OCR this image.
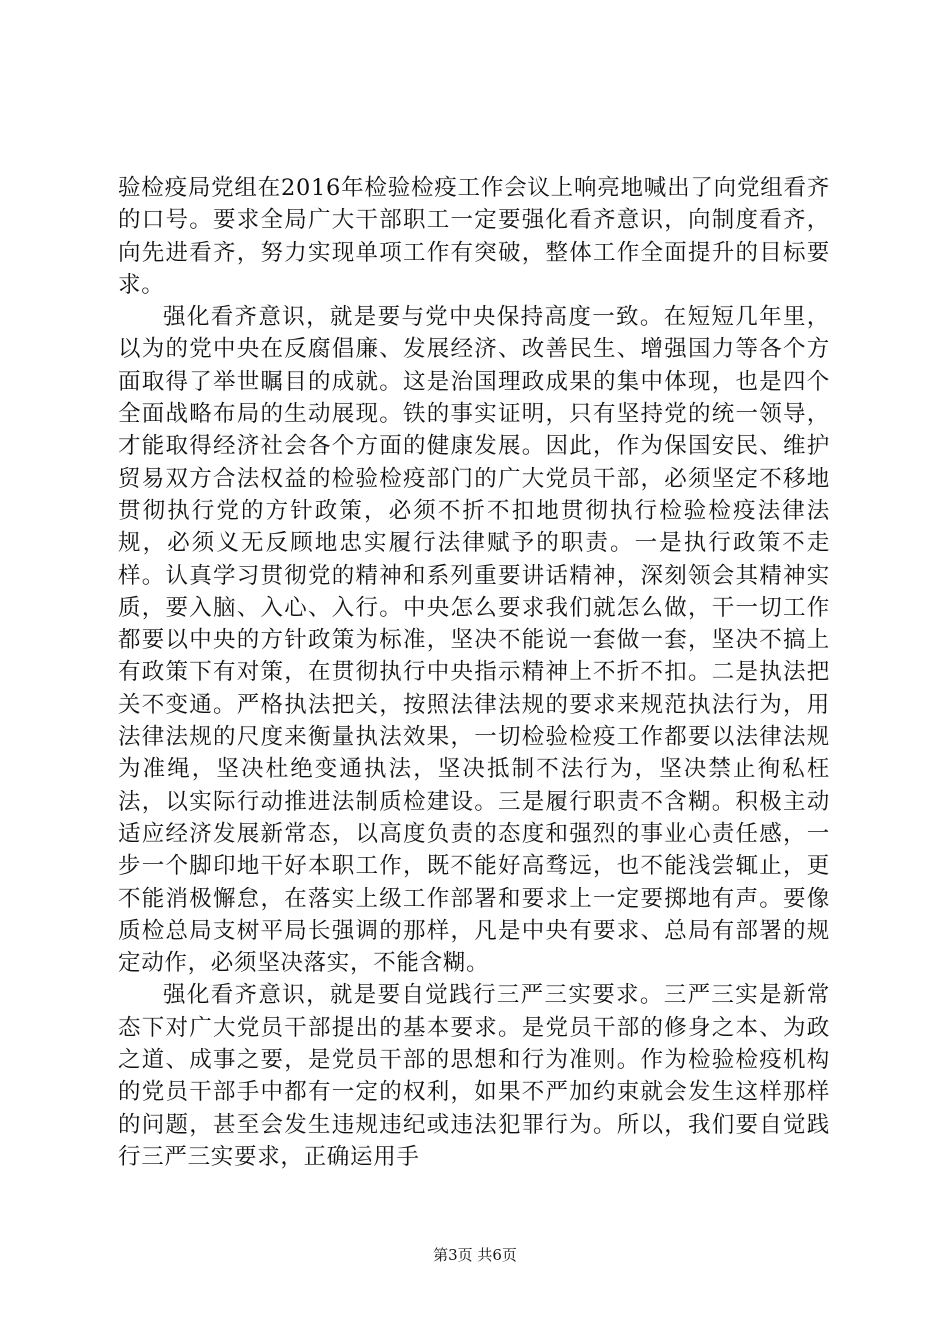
验检疫局党组在2016年检验检疫工作会议上响亮地喊出了向党组看齐的口号。要求全局广大干部职工一定要强化看齐意识，向制度看齐，向先进看齐，努力实现单项工作有突破，整体工作全面提升的目标要求。

强化看齐意识，就是要与党中央保持高度一致。在短短几年里，以为的党中央在反腐倡廉、发展经济、改善民生、增强国力等各个方面取得了举世瞩目的成就。这是治国理政成果的集中体现，也是四个全面战略布局的生动展现。铁的事实证明，只有坚持党的统一领导，才能取得经济社会各个方面的健康发展。因此，作为保国安民、维护贸易双方合法权益的检验检疫部门的广大党员干部，必须坚定不移地贯彻执行党的方针政策，必须不折不扣地贯彻执行检验检疫法律法规，必须义无反顾地忠实履行法律赋予的职责。一是执行政策不走样。认真学习贯彻党的精神和系列重要讲话精神，深刻领会其精神实质，要入脑、入心、入行。中央怎么要求我们就怎么做，干一切工作都要以中央的方针政策为标准，坚决不能说一套做一套，坚决不搞上有政策下有对策，在贯彻执行中央指示精神上不折不扣。二是执法把关不变通。严格执法把关，按照法律法规的要求来规范执法行为，用法律法规的尺度来衡量执法效果，一切检验检疫工作都要以法律法规为准绳，坚决杜绝变通执法，坚决抵制不法行为，坚决禁止徇私枉法，以实际行动推进法制质检建设。三是履行职责不含糊。积极主动适应经济发展新常态，以高度负责的态度和强烈的事业心责任感，一步一个脚印地干好本职工作，既不能好高骛远，也不能浅尝辄止，更不能消极懈怠，在落实上级工作部署和要求上一定要掷地有声。要像质检总局支树平局长强调的那样，凡是中央有要求、总局有部署的规定动作，必须坚决落实，不能含糊。

强化看齐意识，就是要自觉践行三严三实要求。三严三实是新常态下对广大党员干部提出的基本要求。是党员干部的修身之本、为政之道、成事之要，是党员干部的思想和行为准则。作为检验检疫机构的党员干部手中都有一定的权利，如果不严加约束就会发生这样那样的问题，甚至会发生违规违纪或违法犯罪行为。所以，我们要自觉践行三严三实要求，正确运用手

第3页 共6页
